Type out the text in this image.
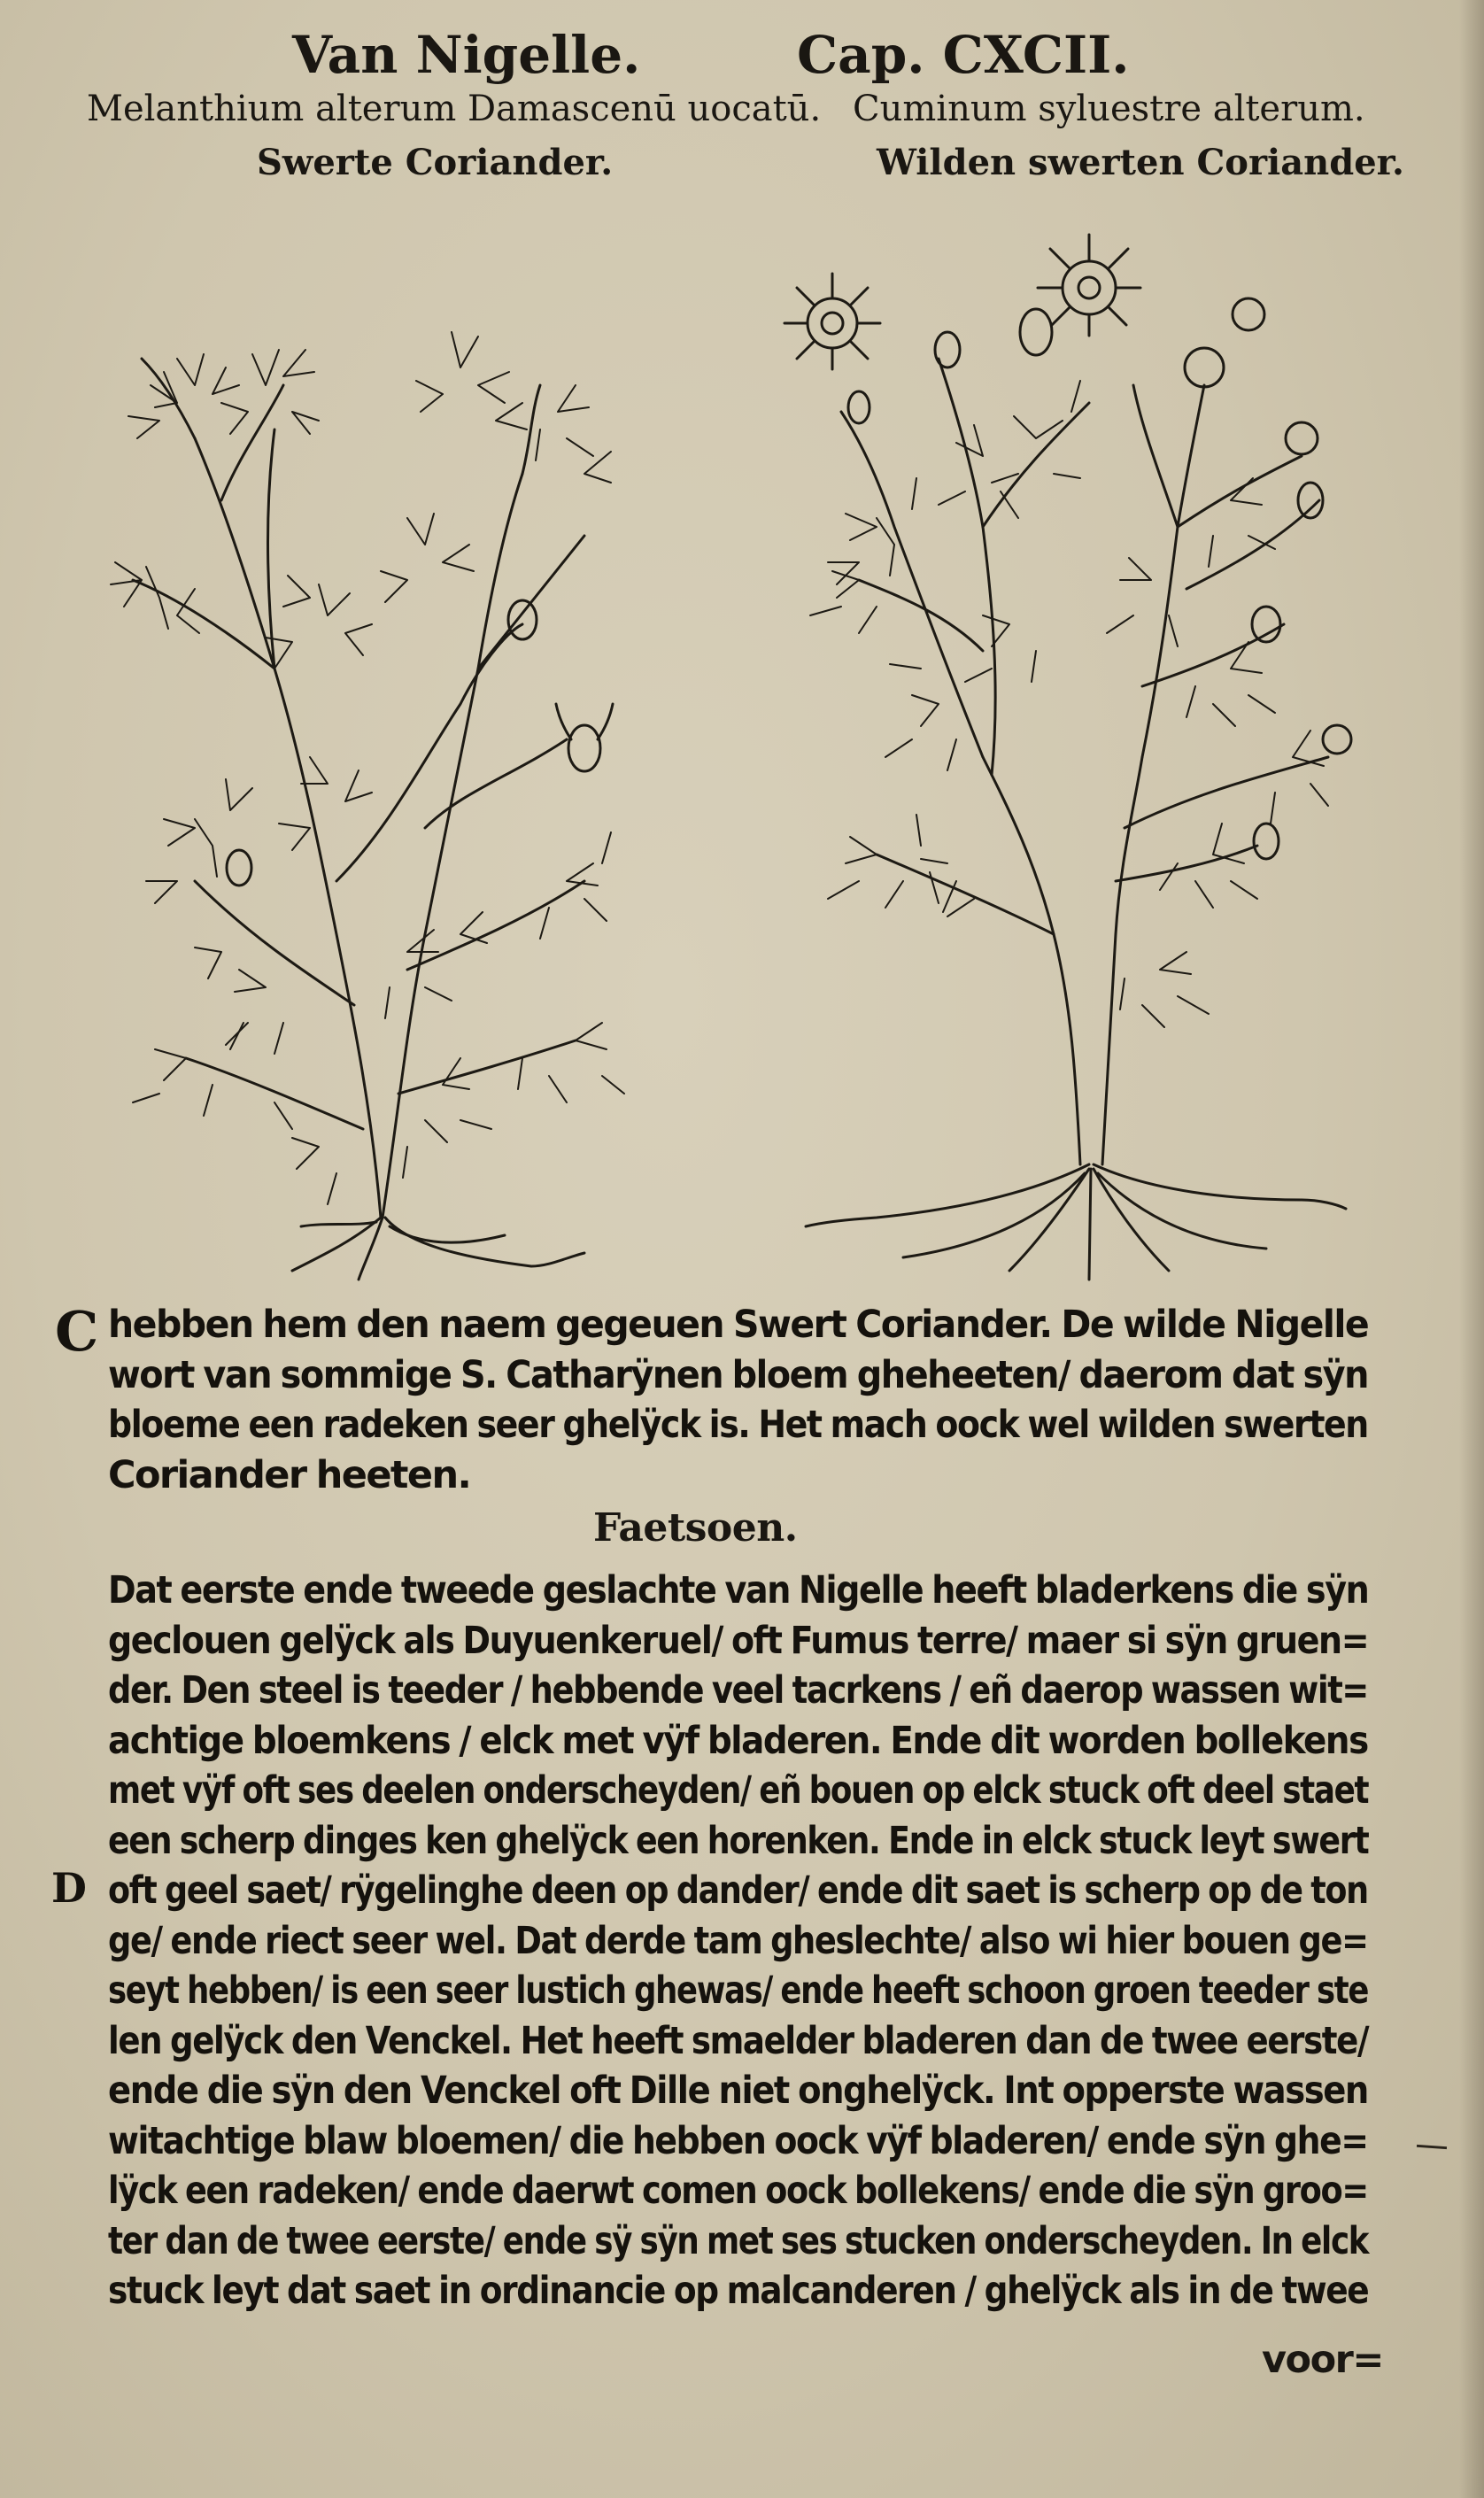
Van Nigelle.	Cap. CXCII.
Melanthium alterum Damascenū uocatū. Cuminum syluestre alterum.
Swerte Coriander.	Wilden swerten Coriander.
C hebben hem den naem gegeuen Swert Coriander. De wilde Nigelle
wort van sommige S. Catharÿnen bloem gheheeten/ daerom dat sÿn
bloeme een radeken seer ghelÿck is. Het mach oock wel wilden swerten
Coriander heeten.
Faetsoen.
D
Dat eerste ende tweede geslachte van Nigelle heeft bladerkens die sÿn
geclouen gelÿck als Duyuenkeruel/ oft Fumus terre/ maer si sÿn gruen=
der. Den steel is teeder / hebbende veel tacrkens / eñ daerop wassen wit=
achtige bloemkens / elck met vÿf bladeren. Ende dit worden bollekens
met vÿf oft ses deelen onderscheyden/ eñ bouen op elck stuck oft deel staet
een scherp dinges ken ghelÿck een horenken. Ende in elck stuck leyt swert
oft geel saet/ rÿgelinghe deen op dander/ ende dit saet is scherp op de ton
ge/ ende riect seer wel. Dat derde tam gheslechte/ also wi hier bouen ge=
seyt hebben/ is een seer lustich ghewas/ ende heeft schoon groen teeder ste
len gelÿck den Venckel. Het heeft smaelder bladeren dan de twee eerste/
ende die sÿn den Venckel oft Dille niet onghelÿck. Int opperste wassen
witachtige blaw bloemen/ die hebben oock vÿf bladeren/ ende sÿn ghe=
lÿck een radeken/ ende daerwt comen oock bollekens/ ende die sÿn groo=
ter dan de twee eerste/ ende sÿ sÿn met ses stucken onderscheyden. In elck
stuck leyt dat saet in ordinancie op malcanderen / ghelÿck als in de twee
voor=
